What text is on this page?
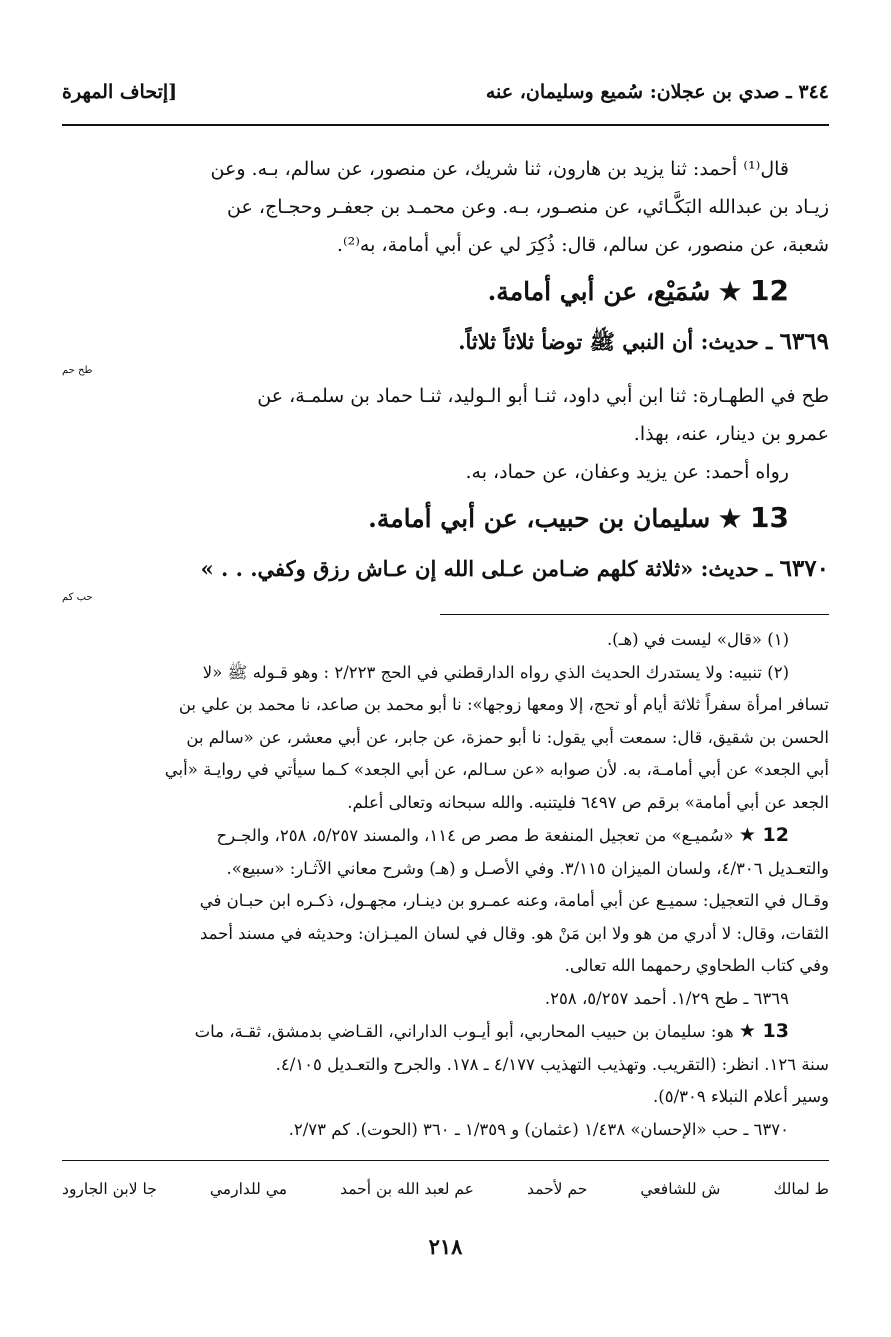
٣٤٤ ـ صدي بن عجلان: سُميع وسليمان، عنه
[إتحاف المهرة

قال⁽¹⁾ أحمد: ثنا يزيد بن هارون، ثنا شريك، عن منصور، عن سالم، بـه. وعن

زيـاد بن عبدالله البَكَّـائي، عن منصـور، بـه. وعن محمـد بن جعفـر وحجـاج، عن

شعبة، عن منصور، عن سالم، قال: ذُكِرَ لي عن أبي أمامة، به⁽²⁾.

12 ★ سُمَيْع، عن أبي أمامة.
٦٣٦٩ ـ حديث: أن النبي ﷺ توضأ ثلاثاً ثلاثاً.
طح حم

طح في الطهـارة: ثنا ابن أبي داود، ثنـا أبو الـوليد، ثنـا حماد بن سلمـة، عن

عمرو بن دينار، عنه، بهذا.

رواه أحمد: عن يزيد وعفان، عن حماد، به.

13 ★ سليمان بن حبيب، عن أبي أمامة.
٦٣٧٠ ـ حديث: «ثلاثة كلهم ضـامن عـلى الله إن عـاش رزق وكفي. . . »
حب كم

(١) «قال» ليست في (هـ).

(٢) تنبيه: ولا يستدرك الحديث الذي رواه الدارقطني في الحج ٢/٢٢٣ : وهو قـوله ﷺ «لا

تسافر امرأة سفراً ثلاثة أيام أو تحج، إلا ومعها زوجها»: نا أبو محمد بن صاعد، نا محمد بن علي بن

الحسن بن شقيق، قال: سمعت أبي يقول: نا أبو حمزة، عن جابر، عن أبي معشر، عن «سالم بن

أبي الجعد» عن أبي أمامـة، به. لأن صوابه «عن سـالم، عن أبي الجعد» كـما سيأتي في روايـة «أبي

الجعد عن أبي أمامة» برقم ص ٦٤٩٧ فليتنبه. والله سبحانه وتعالى أعلم.

12 ★ «سُميـع» من تعجيل المنفعة ط مصر ص ١١٤، والمسند ٥/٢٥٧، ٢٥٨، والجـرح

والتعـديل ٤/٣٠٦، ولسان الميزان ٣/١١٥. وفي الأصـل و (هـ) وشرح معاني الآثـار: «سبيع».

وقـال في التعجيل: سميـع عن أبي أمامة، وعنه عمـرو بن دينـار، مجهـول، ذكـره ابن حبـان في

الثقات، وقال: لا أدري من هو ولا ابن مَنْ هو. وقال في لسان الميـزان: وحديثه في مسند أحمد

وفي كتاب الطحاوي رحمهما الله تعالى.

٦٣٦٩ ـ طح ١/٢٩. أحمد ٥/٢٥٧، ٢٥٨.

13 ★ هو: سليمان بن حبيب المحاربي، أبو أيـوب الداراني، القـاضي بدمشق، ثقـة، مات

سنة ١٢٦. انظر: (التقريب. وتهذيب التهذيب ٤/١٧٧ ـ ١٧٨. والجرح والتعـديل ٤/١٠٥.

وسير أعلام النبلاء ٥/٣٠٩).

٦٣٧٠ ـ حب «الإحسان» ١/٤٣٨ (عثمان) و ١/٣٥٩ ـ ٣٦٠ (الحوت). كم ٢/٧٣.

ط لمالك
ش للشافعي
حم لأحمد
عم لعبد الله بن أحمد
مي للدارمي
جا لابن الجارود
٢١٨
